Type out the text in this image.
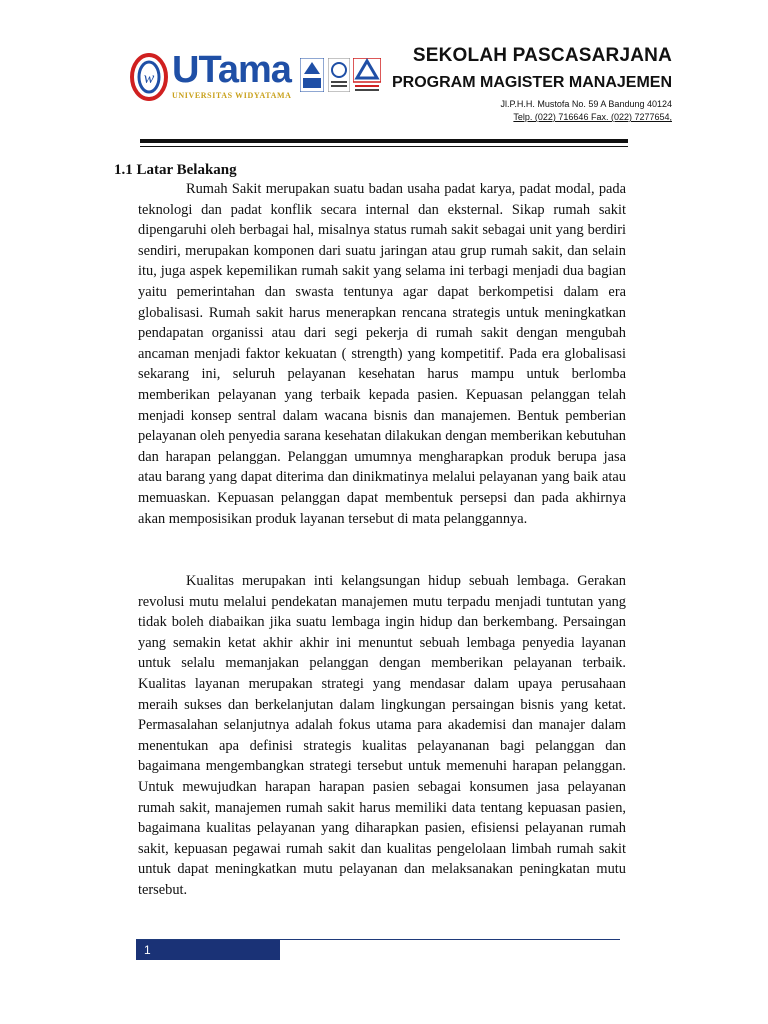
w UTama
UNIVERSITAS WIDYATAMA
SEKOLAH PASCASARJANA
PROGRAM MAGISTER MANAJEMEN
Jl.P.H.H. Mustofa No. 59 A Bandung 40124
Telp. (022) 716646 Fax. (022) 7277654,
1.1 Latar Belakang

Rumah Sakit merupakan suatu badan usaha padat karya, padat modal, pada teknologi dan padat konflik secara internal dan eksternal. Sikap rumah sakit dipengaruhi oleh berbagai hal, misalnya status rumah sakit sebagai unit yang berdiri sendiri, merupakan komponen dari suatu jaringan atau grup rumah sakit, dan selain itu, juga aspek kepemilikan rumah sakit yang selama ini terbagi menjadi dua bagian yaitu pemerintahan dan swasta tentunya agar dapat berkompetisi dalam era globalisasi. Rumah sakit harus menerapkan rencana strategis untuk meningkatkan pendapatan organissi atau dari segi pekerja di rumah sakit dengan mengubah ancaman menjadi faktor kekuatan ( strength) yang kompetitif. Pada era globalisasi sekarang ini, seluruh pelayanan kesehatan harus mampu untuk berlomba memberikan pelayanan yang terbaik kepada pasien. Kepuasan pelanggan telah menjadi konsep sentral dalam wacana bisnis dan manajemen. Bentuk pemberian pelayanan oleh penyedia sarana kesehatan dilakukan dengan memberikan kebutuhan dan harapan pelanggan. Pelanggan umumnya mengharapkan produk berupa jasa atau barang yang dapat diterima dan dinikmatinya melalui pelayanan yang baik atau memuaskan. Kepuasan pelanggan dapat membentuk persepsi dan pada akhirnya akan memposisikan produk layanan tersebut di mata pelanggannya.

Kualitas merupakan inti kelangsungan hidup sebuah lembaga. Gerakan revolusi mutu melalui pendekatan manajemen mutu terpadu menjadi tuntutan yang tidak boleh diabaikan jika suatu lembaga ingin hidup dan berkembang. Persaingan yang semakin ketat akhir akhir ini menuntut sebuah lembaga penyedia layanan untuk selalu memanjakan pelanggan dengan memberikan pelayanan terbaik. Kualitas layanan merupakan strategi yang mendasar dalam upaya perusahaan meraih sukses dan berkelanjutan dalam lingkungan persaingan bisnis yang ketat. Permasalahan selanjutnya adalah fokus utama para akademisi dan manajer dalam menentukan apa definisi strategis kualitas pelayananan bagi pelanggan dan bagaimana mengembangkan strategi tersebut untuk memenuhi harapan pelanggan. Untuk mewujudkan harapan harapan pasien sebagai konsumen jasa pelayanan rumah sakit, manajemen rumah sakit harus memiliki data tentang kepuasan pasien, bagaimana kualitas pelayanan yang diharapkan pasien, efisiensi pelayanan rumah sakit, kepuasan pegawai rumah sakit dan kualitas pengelolaan limbah rumah sakit untuk dapat meningkatkan mutu pelayanan dan melaksanakan peningkatan mutu tersebut.

1
